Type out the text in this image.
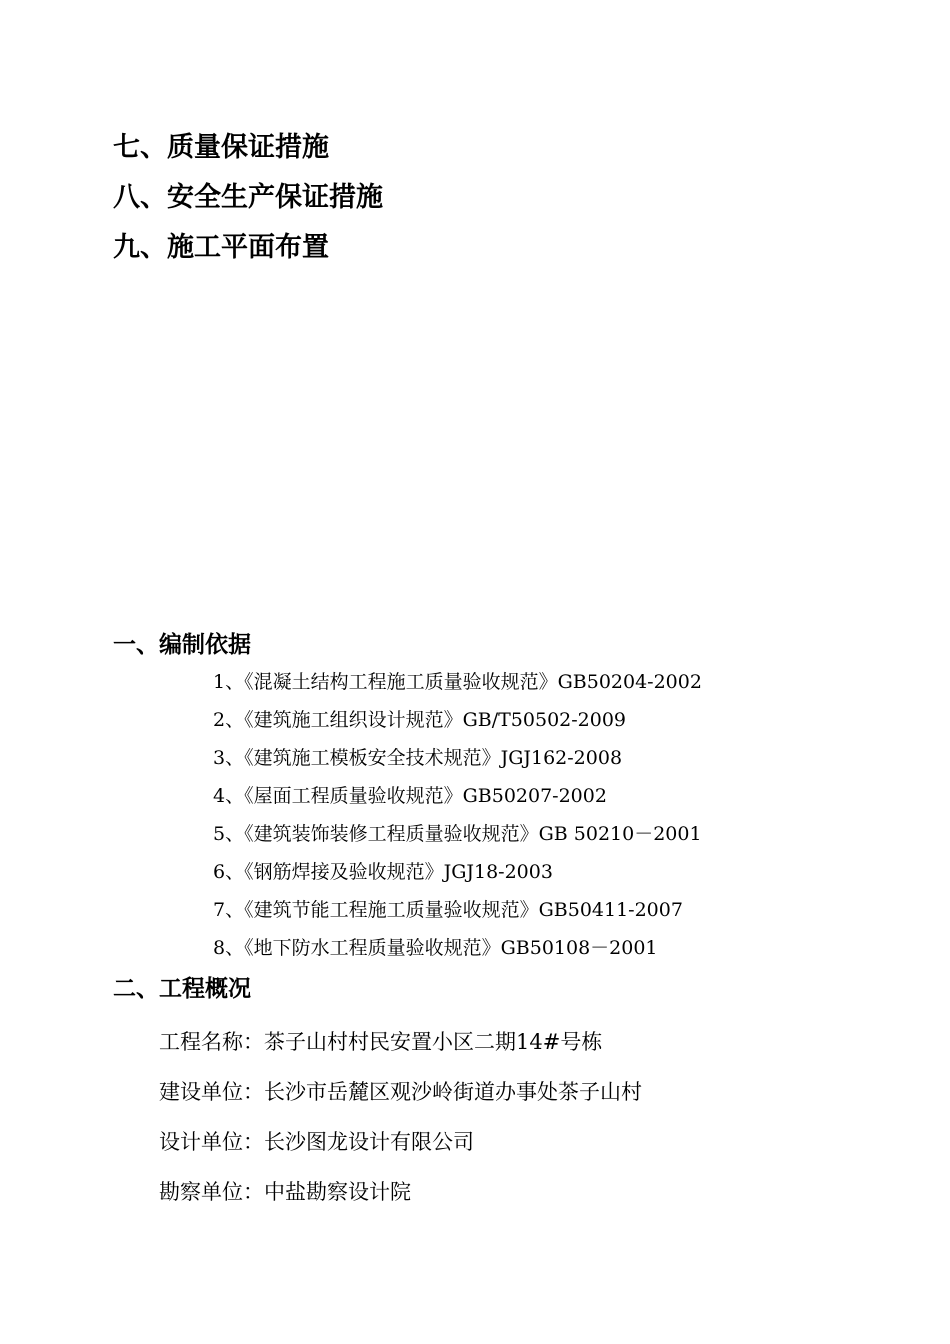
七、质量保证措施
八、安全生产保证措施
九、施工平面布置
一、编制依据
1、《混凝土结构工程施工质量验收规范》GB50204-2002
2、《建筑施工组织设计规范》GB/T50502-2009
3、《建筑施工模板安全技术规范》JGJ162-2008
4、《屋面工程质量验收规范》GB50207-2002
5、《建筑装饰装修工程质量验收规范》GB 50210－2001
6、《钢筋焊接及验收规范》JGJ18-2003
7、《建筑节能工程施工质量验收规范》GB50411-2007
8、《地下防水工程质量验收规范》GB50108－2001
二、工程概况
工程名称：茶子山村村民安置小区二期14#号栋
建设单位：长沙市岳麓区观沙岭街道办事处茶子山村
设计单位：长沙图龙设计有限公司
勘察单位：中盐勘察设计院
